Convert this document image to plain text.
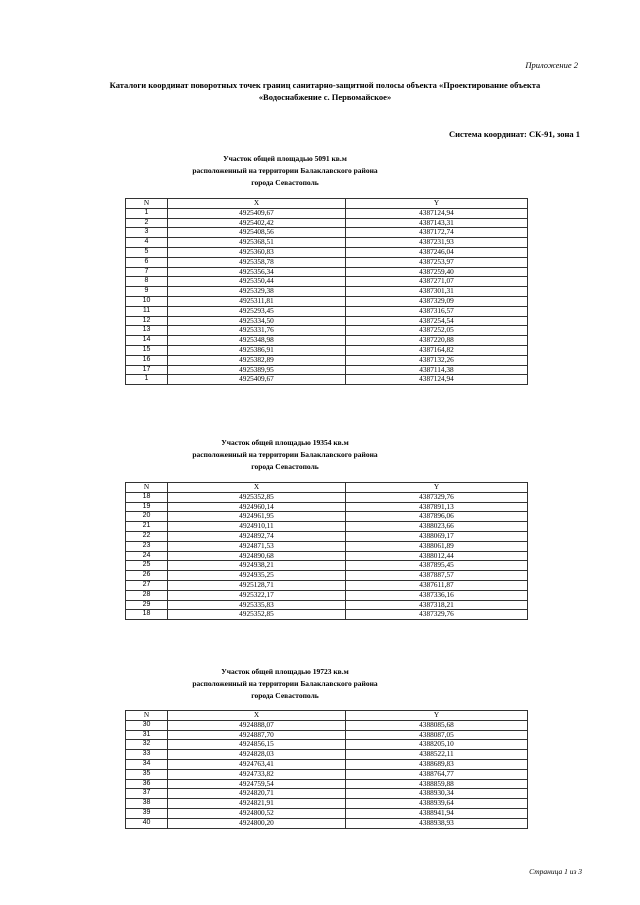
Приложение 2
Каталоги координат поворотных точек границ санитарно-защитной полосы объекта «Проектирование объекта
«Водоснабжение с. Первомайское»
Система координат: СК-91, зона 1
Участок общей площадью 5091 кв.м
расположенный на территории Балаклавского района
города Севастополь
N	X	Y
1	4925409,67	4387124,94
2	4925402,42	4387143,31
3	4925408,56	4387172,74
4	4925368,51	4387231,93
5	4925360,83	4387246,04
6	4925358,78	4387253,97
7	4925356,34	4387259,40
8	4925350,44	4387271,07
9	4925329,38	4387301,31
10	4925311,81	4387329,09
11	4925293,45	4387316,57
12	4925334,50	4387254,54
13	4925331,76	4387252,05
14	4925348,98	4387220,88
15	4925386,91	4387164,82
16	4925382,89	4387132,26
17	4925389,95	4387114,38
1	4925409,67	4387124,94
Участок общей площадью 19354 кв.м
расположенный на территории Балаклавского района
города Севастополь
N	X	Y
18	4925352,85	4387329,76
19	4924960,14	4387891,13
20	4924961,95	4387896,06
21	4924910,11	4388023,66
22	4924892,74	4388069,17
23	4924871,53	4388061,89
24	4924890,68	4388012,44
25	4924938,21	4387895,45
26	4924935,25	4387887,57
27	4925128,71	4387611,87
28	4925322,17	4387336,16
29	4925335,83	4387318,21
18	4925352,85	4387329,76
Участок общей площадью 19723 кв.м
расположенный на территории Балаклавского района
города Севастополь
N	X	Y
30	4924888,07	4388085,68
31	4924887,70	4388087,05
32	4924856,15	4388205,10
33	4924828,03	4388522,11
34	4924763,41	4388689,83
35	4924733,82	4388764,77
36	4924759,54	4388859,88
37	4924820,71	4388930,34
38	4924821,91	4388939,64
39	4924800,52	4388941,94
40	4924800,20	4388938,93
Страница 1 из 3
